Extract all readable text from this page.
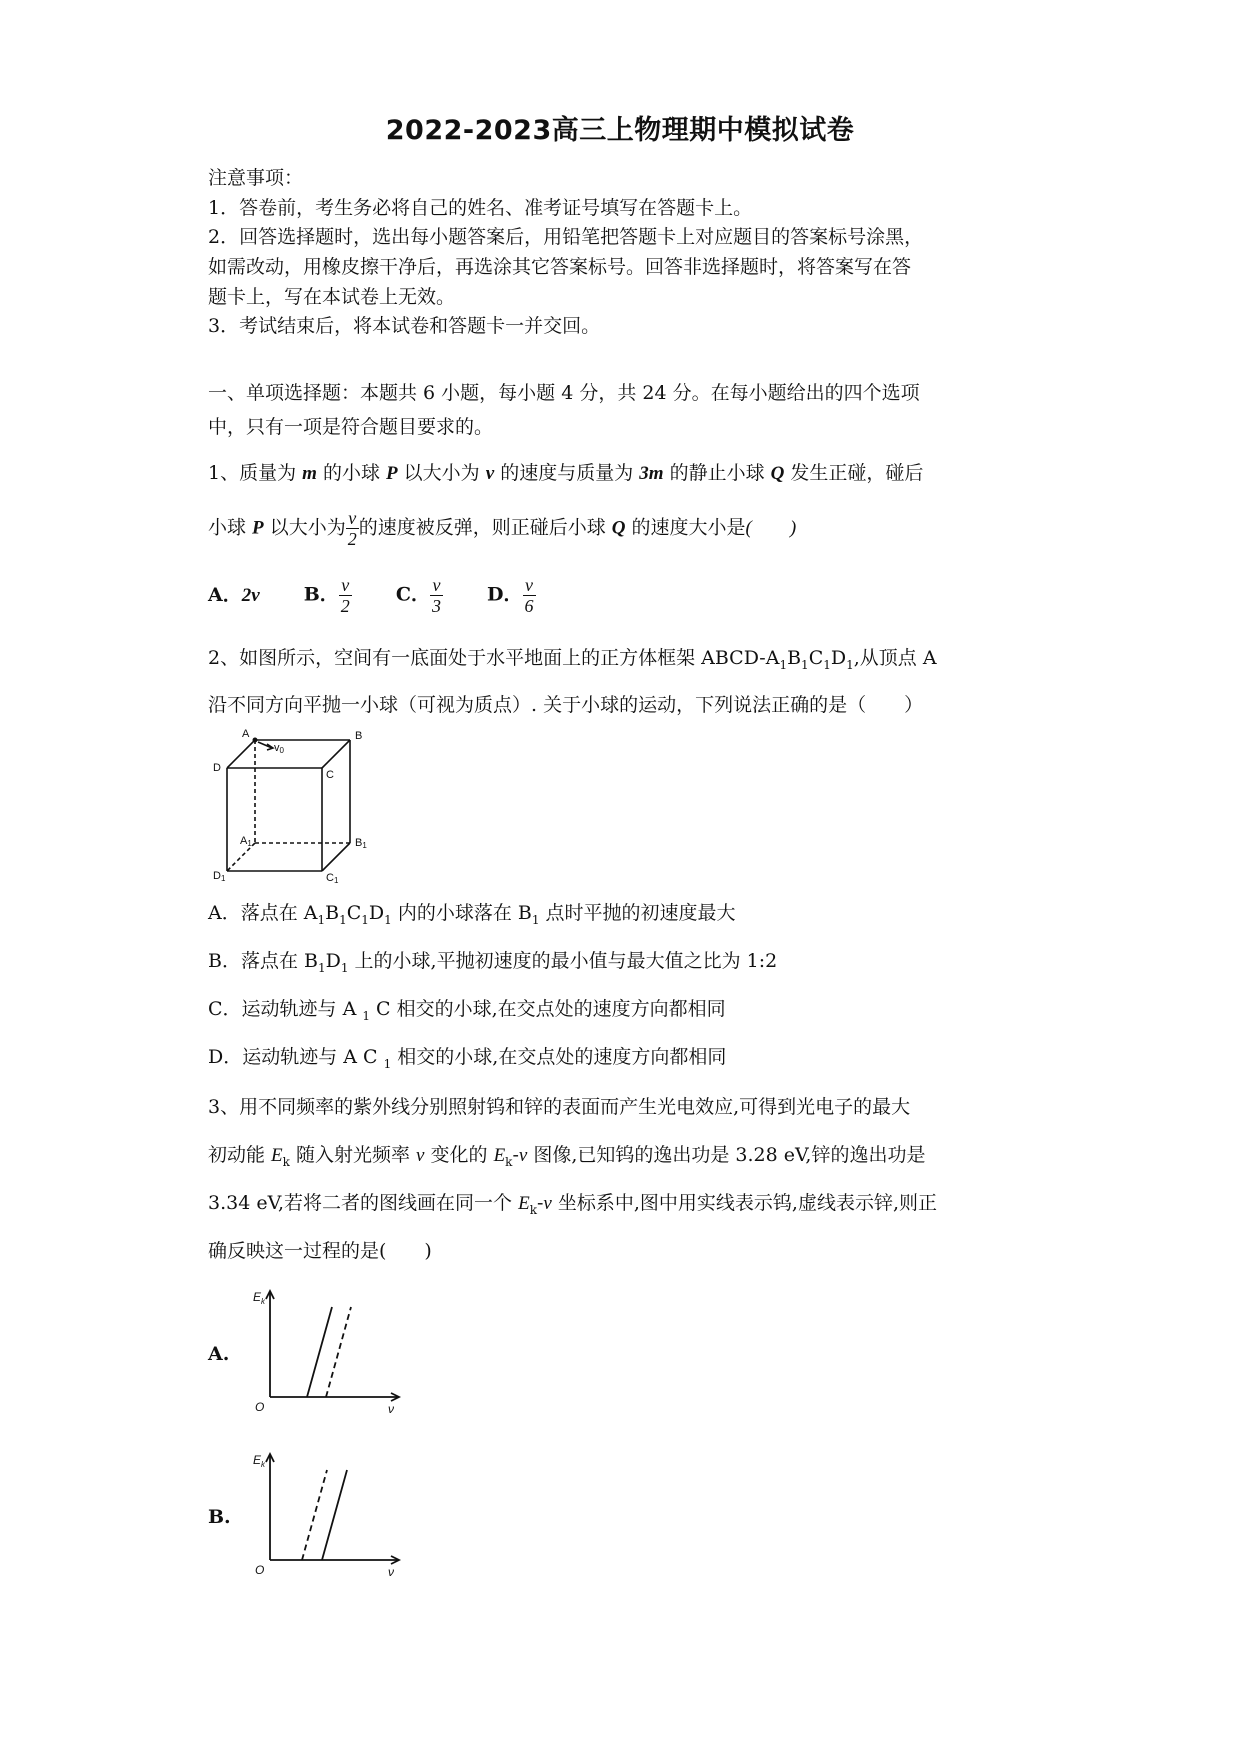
2022-2023高三上物理期中模拟试卷
注意事项：
1．答卷前，考生务必将自己的姓名、准考证号填写在答题卡上。
2．回答选择题时，选出每小题答案后，用铅笔把答题卡上对应题目的答案标号涂黑，
如需改动，用橡皮擦干净后，再选涂其它答案标号。回答非选择题时，将答案写在答
题卡上，写在本试卷上无效。
3．考试结束后，将本试卷和答题卡一并交回。
一、单项选择题：本题共 6 小题，每小题 4 分，共 24 分。在每小题给出的四个选项
中，只有一项是符合题目要求的。
1、质量为 m 的小球 P 以大小为 v 的速度与质量为 3m 的静止小球 Q 发生正碰，碰后
小球 P 以大小为 $\frac{v}{2}$ 的速度被反弹，则正碰后小球 Q 的速度大小是(　　)
A．2v B． $\frac{v}{2}$ C． $\frac{v}{3}$ D． $\frac{v}{6}$
2、如图所示，空间有一底面处于水平地面上的正方体框架 ABCD-$A_1B_1C_1D_1$,从顶点 A
沿不同方向平抛一小球（可视为质点）. 关于小球的运动，下列说法正确的是（　　）
A	B
D
C
v0
A1	B1
D1	C1
A．落点在 $A_1B_1C_1D_1$ 内的小球落在 $B_1$ 点时平抛的初速度最大
B．落点在 $B_1D_1$ 上的小球,平抛初速度的最小值与最大值之比为 1:2
C．运动轨迹与 A $_1$ C 相交的小球,在交点处的速度方向都相同
D．运动轨迹与 A C $_1$ 相交的小球,在交点处的速度方向都相同
3、用不同频率的紫外线分别照射钨和锌的表面而产生光电效应,可得到光电子的最大
初动能 $E_k$ 随入射光频率 ν 变化的 $E_k-\nu$ 图像,已知钨的逸出功是 3.28 eV,锌的逸出功是
3.34 eV,若将二者的图线画在同一个 $E_k-\nu$ 坐标系中,图中用实线表示钨,虚线表示锌,则正
确反映这一过程的是(　　)
A.
$E_k$
O	ν
B.
$E_k$
O	ν
